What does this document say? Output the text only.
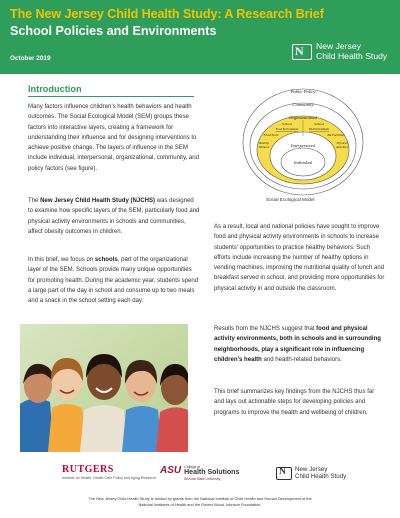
The New Jersey Child Health Study: A Research Brief
School Policies and Environments
October 2019
N
New Jersey
Child Health Study
Introduction
Many factors influence children’s health behaviors and health outcomes. The Social Ecological Model (SEM) groups these factors into interactive layers, creating a framework for understanding their influence and for designing interventions to achieve positive change. The layers of influence in the SEM include individual, interpersonal, organizational, community, and policy factors (see figure).
The New Jersey Child Health Study (NJCHS) was designed to examine how specific layers of the SEM, particularly food and physical activity environments in schools and communities, affect obesity outcomes in children.
In this brief, we focus on schools, part of the organizational layer of the SEM. Schools provide many unique opportunities for promoting health. During the academic year, students spend a large part of the day in school and consume up to two meals and a snack in the school setting each day.
Public Policy
Community
Organizational
School
Food Environment
School
PA Environment
Food Store	PA Facilities
Healthy
Workers
Physical
Activities
Interpersonal
Individual
Social Ecological Model
As a result, local and national policies have sought to improve food and physical activity environments in schools to increase students’ opportunities to practice healthy behaviors. Such efforts include increasing the number of healthy options in vending machines, improving the nutritional quality of lunch and breakfast served in school, and providing more opportunities for physical activity in and outside the classroom.
Results from the NJCHS suggest that food and physical activity environments, both in schools and in surrounding neighborhoods, play a significant role in influencing children’s health and health-related behaviors.
This brief summarizes key findings from the NJCHS thus far and lays out actionable steps for developing policies and programs to improve the health and wellbeing of children.
RUTGERS
Institute for Health, Health Care Policy and Aging Research
ASU College of
Health Solutions
Arizona State University
N
New Jersey
Child Health Study
The New Jersey Child Health Study is funded by grants from the National Institute of Child Health and Human Development of the
National Institutes of Health and the Robert Wood Johnson Foundation.
